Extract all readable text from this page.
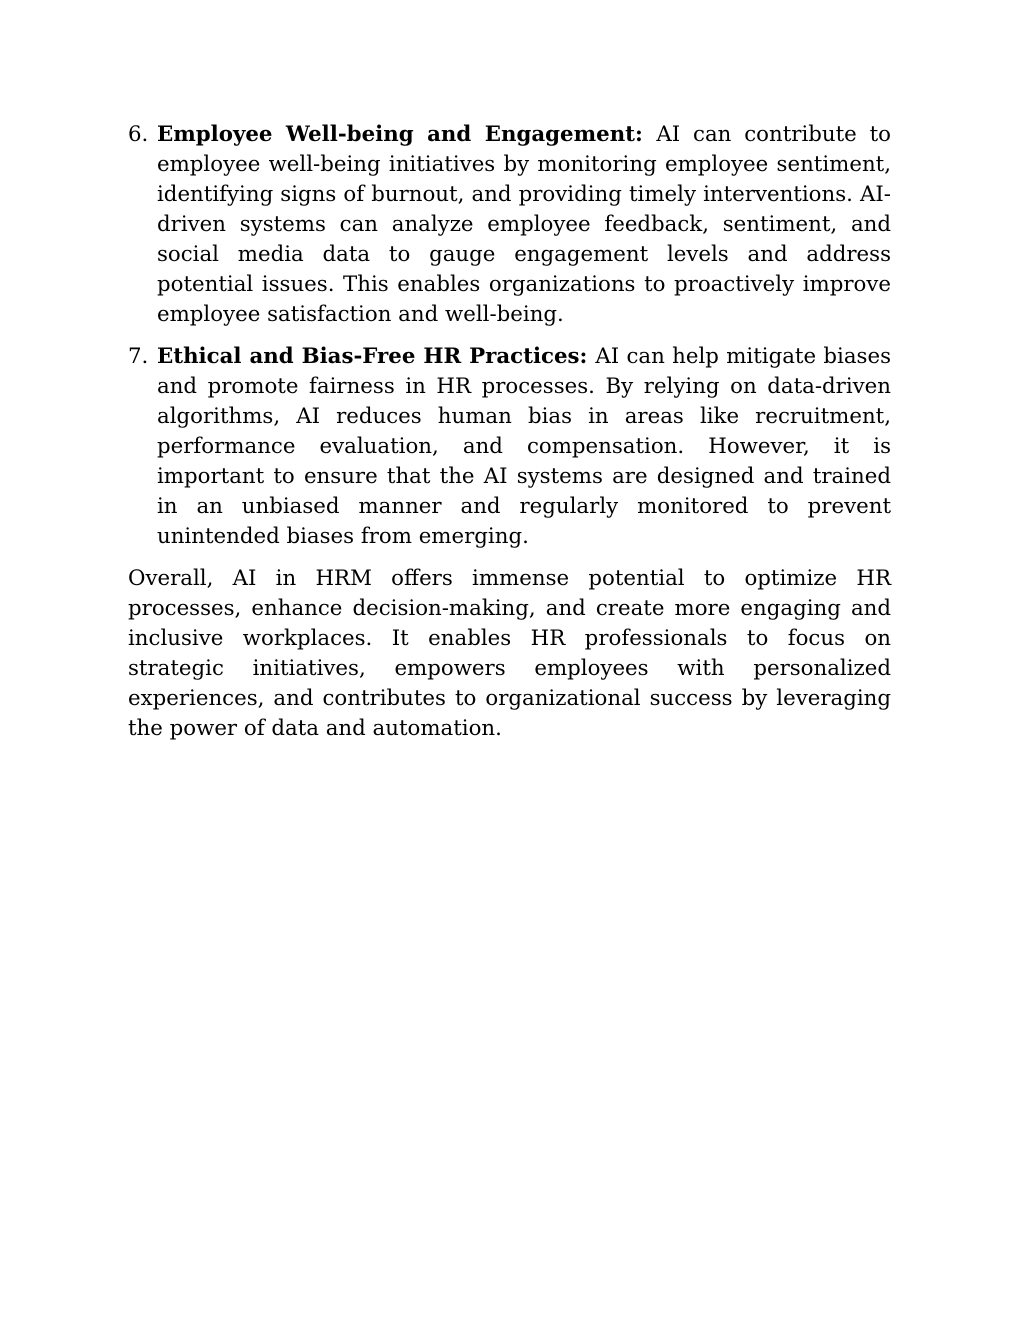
6. Employee Well-being and Engagement: AI can contribute to employee well-being initiatives by monitoring employee sentiment, identifying signs of burnout, and providing timely interventions. AI-driven systems can analyze employee feedback, sentiment, and social media data to gauge engagement levels and address potential issues. This enables organizations to proactively improve employee satisfaction and well-being.
7. Ethical and Bias-Free HR Practices: AI can help mitigate biases and promote fairness in HR processes. By relying on data-driven algorithms, AI reduces human bias in areas like recruitment, performance evaluation, and compensation. However, it is important to ensure that the AI systems are designed and trained in an unbiased manner and regularly monitored to prevent unintended biases from emerging.

Overall, AI in HRM offers immense potential to optimize HR processes, enhance decision-making, and create more engaging and inclusive workplaces. It enables HR professionals to focus on strategic initiatives, empowers employees with personalized experiences, and contributes to organizational success by leveraging the power of data and automation.
